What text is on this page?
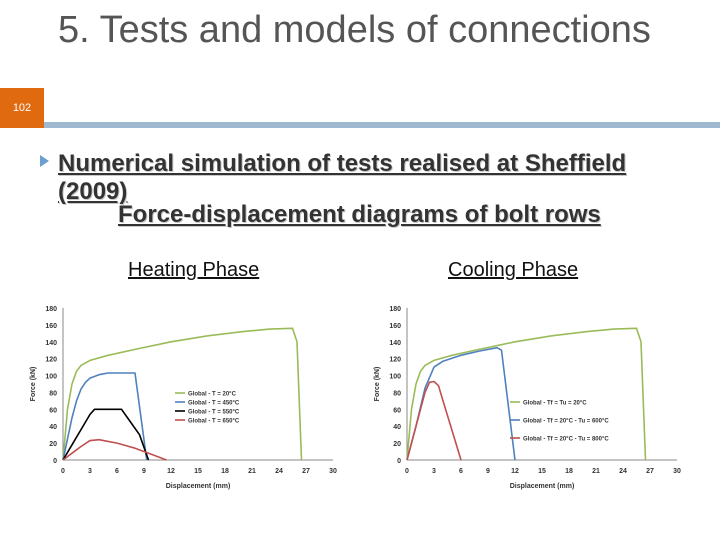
102
5. Tests and models of connections
Numerical simulation of tests realised at Sheffield (2009)
Force-displacement diagrams of bolt rows
Heating Phase	Cooling Phase
0
20
40
60
80
100
120
140
160
180
0	3	6	9	12	15	18	21	24	27	30
Displacement (mm)
Force (kN)	Global - T = 20°C
Global - T = 450°C
Global - T = 550°C
Global - T = 650°C
0
20
40
60
80
100
120
140
160
180
0	3	6	9	12	15	18	21	24	27	30
Displacement (mm)
Force (kN)
Global - Tf = Tu = 20°C
Global - Tf = 20°C - Tu = 600°C
Global - Tf = 20°C - Tu = 800°C
